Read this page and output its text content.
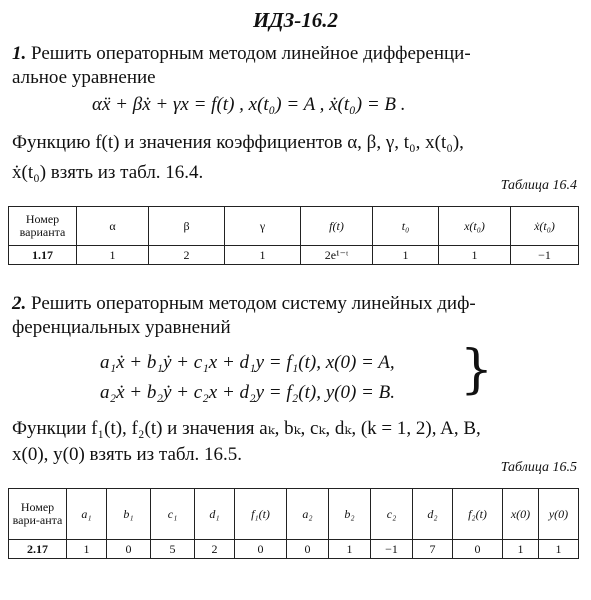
ИДЗ-16.2
1. Решить операторным методом линейное дифференци-
альное уравнение
αẍ + βẋ + γx = f(t) , x(t₀) = A , ẋ(t₀) = B .
Функцию f(t) и значения коэффициентов α, β, γ, t₀, x(t₀),
ẋ(t₀) взять из табл. 16.4.
Таблица 16.4
Номер варианта	α	β	γ	f(t)	t₀	x(t₀)	ẋ(t₀)
1.17	1	2	1	2e¹⁻ᵗ	1	1	−1
2. Решить операторным методом систему линейных диф-
ференциальных уравнений
a₁ẋ + b₁ẏ + c₁x + d₁y = f₁(t), x(0) = A,
a₂ẋ + b₂ẏ + c₂x + d₂y = f₂(t), y(0) = B. }
Функции f₁(t), f₂(t) и значения aₖ, bₖ, cₖ, dₖ, (k = 1, 2), A, B,
x(0), y(0) взять из табл. 16.5.
Таблица 16.5
Номер вари-анта	a₁	b₁	c₁	d₁	f₁(t)	a₂	b₂	c₂	d₂	f₂(t)	x(0)	y(0)
2.17	1	0	5	2	0	0	1	−1	7	0	1	1
